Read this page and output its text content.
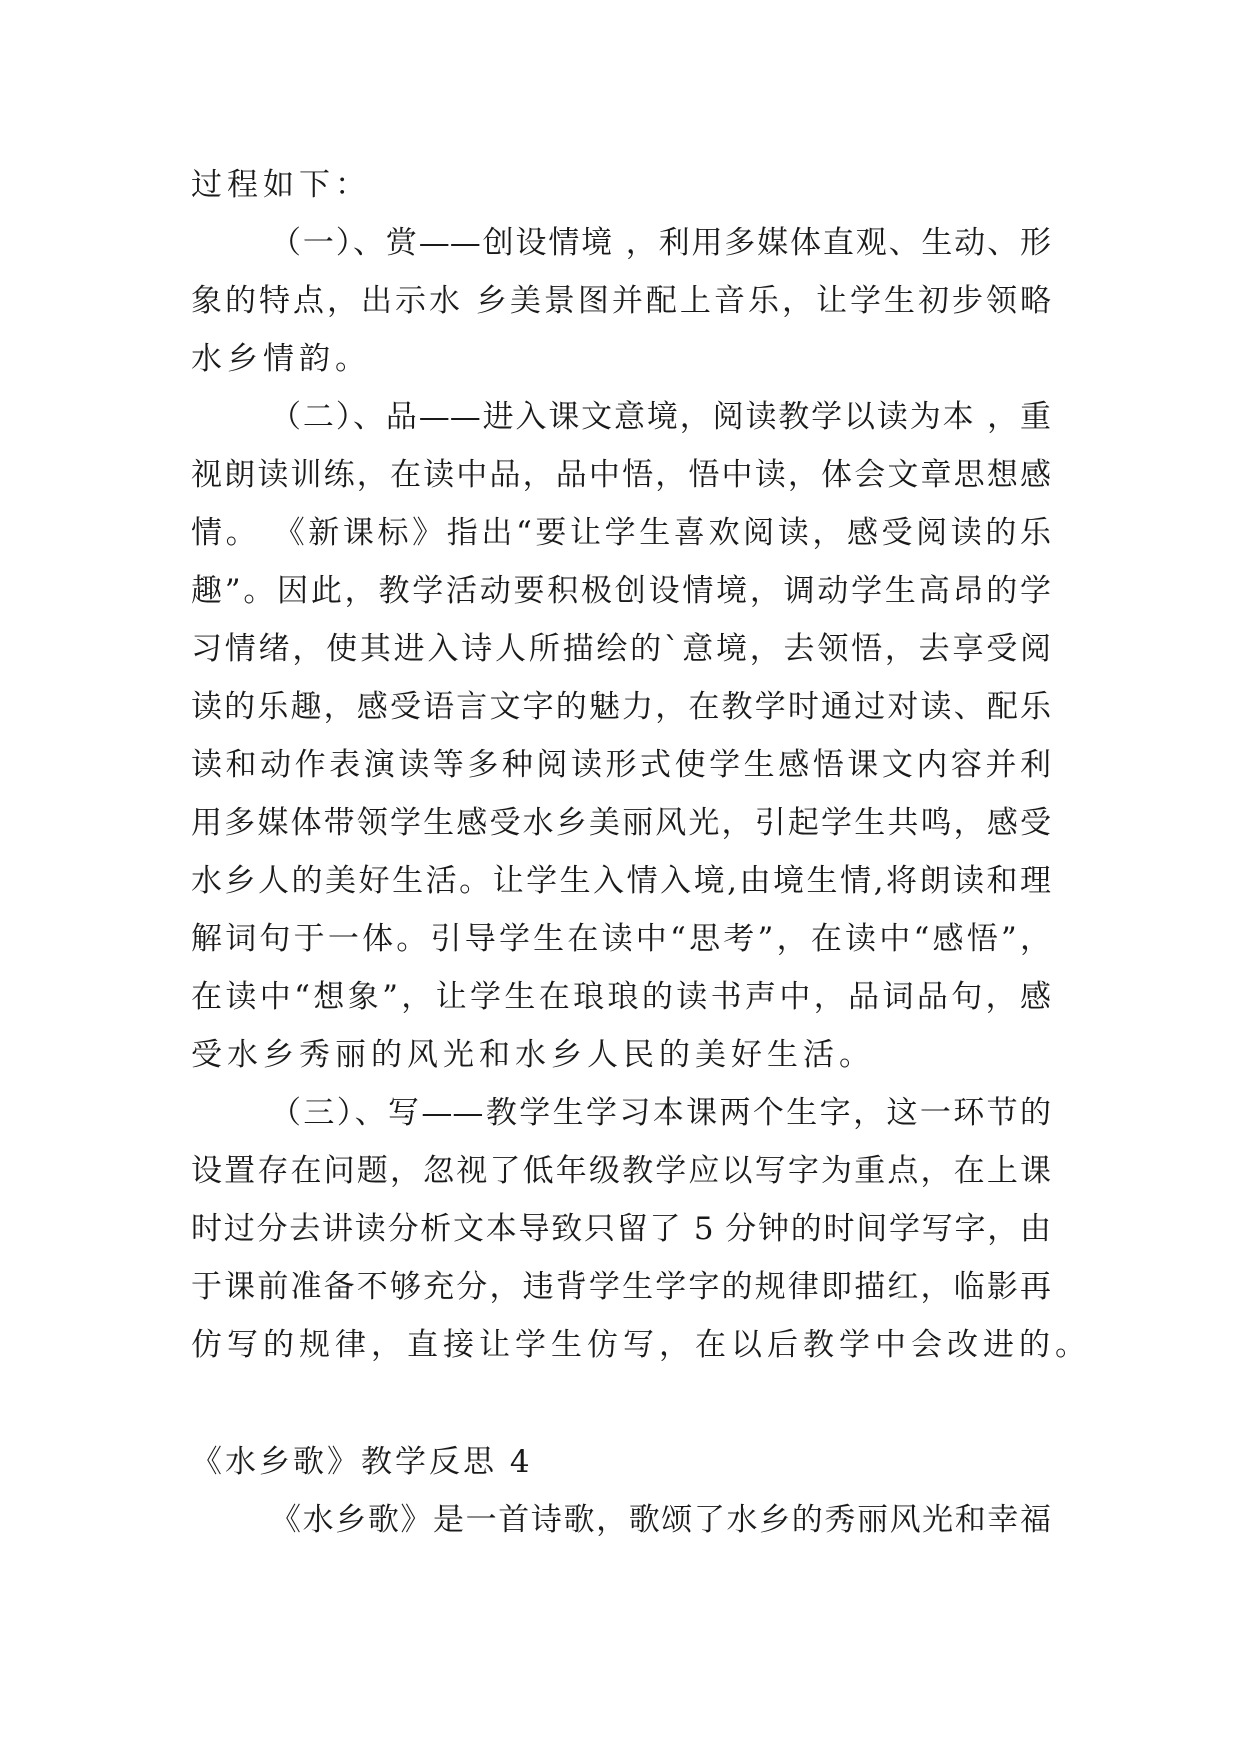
过程如下：
（一）、赏——创设情境 ，利用多媒体直观、生动、形
象的特点，出示水 乡美景图并配上音乐，让学生初步领略
水乡情韵。
（二）、品——进入课文意境，阅读教学以读为本 ，重
视朗读训练，在读中品，品中悟，悟中读，体会文章思想感
情。 《新课标》指出“要让学生喜欢阅读，感受阅读的乐
趣”。因此，教学活动要积极创设情境，调动学生高昂的学
习情绪，使其进入诗人所描绘的`意境，去领悟，去享受阅
读的乐趣，感受语言文字的魅力，在教学时通过对读、配乐
读和动作表演读等多种阅读形式使学生感悟课文内容并利
用多媒体带领学生感受水乡美丽风光，引起学生共鸣，感受
水乡人的美好生活。让学生入情入境,由境生情,将朗读和理
解词句于一体。引导学生在读中“思考”，在读中“感悟”，
在读中“想象”，让学生在琅琅的读书声中，品词品句，感
受水乡秀丽的风光和水乡人民的美好生活。
（三）、写——教学生学习本课两个生字，这一环节的
设置存在问题，忽视了低年级教学应以写字为重点，在上课
时过分去讲读分析文本导致只留了 5 分钟的时间学写字，由
于课前准备不够充分，违背学生学字的规律即描红，临影再
仿写的规律，直接让学生仿写，在以后教学中会改进的。
《水乡歌》教学反思 4
《水乡歌》是一首诗歌，歌颂了水乡的秀丽风光和幸福
